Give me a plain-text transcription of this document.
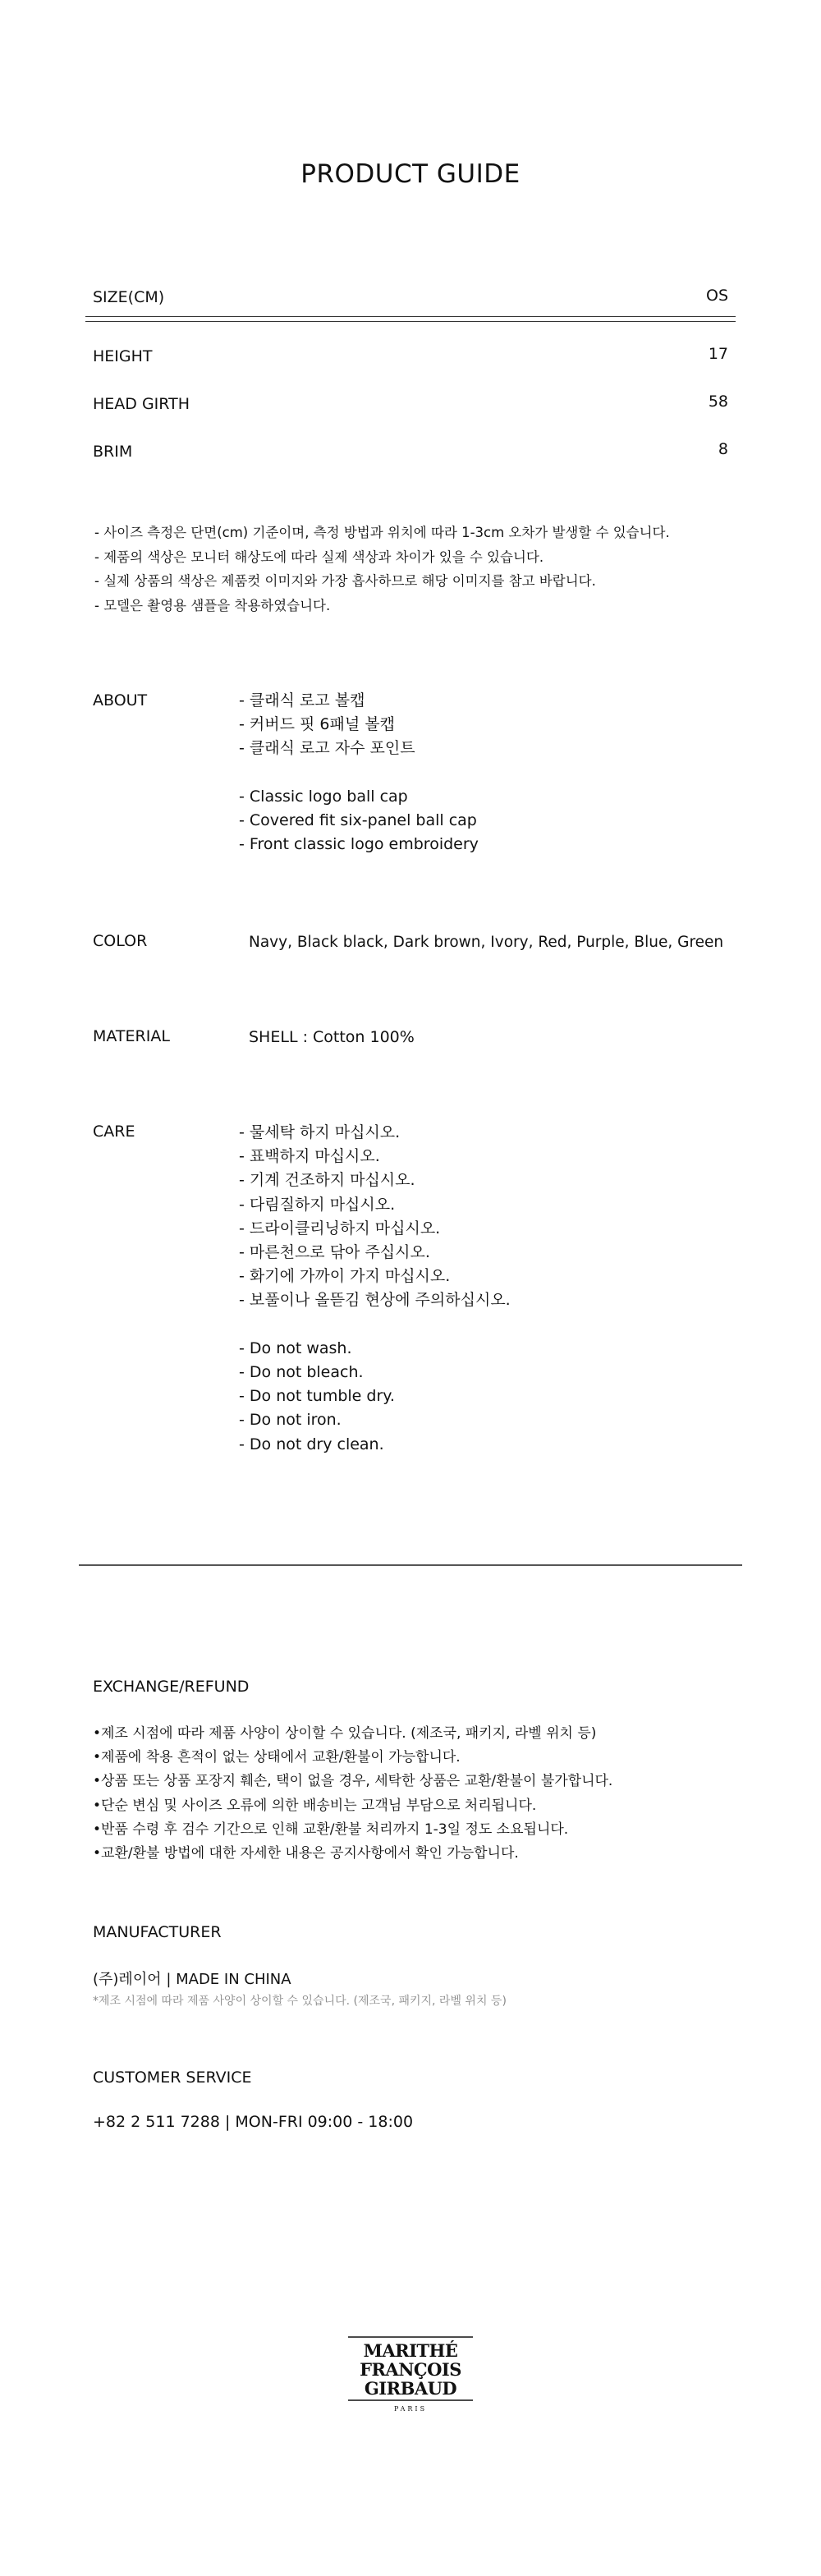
PRODUCT GUIDE
SIZE(CM)	OS
HEIGHT	17
HEAD GIRTH	58
BRIM	8
- 사이즈 측정은 단면(cm) 기준이며, 측정 방법과 위치에 따라 1-3cm 오차가 발생할 수 있습니다.
- 제품의 색상은 모니터 해상도에 따라 실제 색상과 차이가 있을 수 있습니다.
- 실제 상품의 색상은 제품컷 이미지와 가장 흡사하므로 해당 이미지를 참고 바랍니다.
- 모델은 촬영용 샘플을 착용하였습니다.
ABOUT	- 클래식 로고 볼캡
- 커버드 핏 6패널 볼캡
- 클래식 로고 자수 포인트
- Classic logo ball cap
- Covered fit six-panel ball cap
- Front classic logo embroidery
COLOR	Navy, Black black, Dark brown, Ivory, Red, Purple, Blue, Green
MATERIAL	SHELL : Cotton 100%
CARE	- 물세탁 하지 마십시오.
- 표백하지 마십시오.
- 기계 건조하지 마십시오.
- 다림질하지 마십시오.
- 드라이클리닝하지 마십시오.
- 마른천으로 닦아 주십시오.
- 화기에 가까이 가지 마십시오.
- 보풀이나 올뜯김 현상에 주의하십시오.
- Do not wash.
- Do not bleach.
- Do not tumble dry.
- Do not iron.
- Do not dry clean.
EXCHANGE/REFUND
•제조 시점에 따라 제품 사양이 상이할 수 있습니다. (제조국, 패키지, 라벨 위치 등)
•제품에 착용 흔적이 없는 상태에서 교환/환불이 가능합니다.
•상품 또는 상품 포장지 훼손, 택이 없을 경우, 세탁한 상품은 교환/환불이 불가합니다.
•단순 변심 및 사이즈 오류에 의한 배송비는 고객님 부담으로 처리됩니다.
•반품 수령 후 검수 기간으로 인해 교환/환불 처리까지 1-3일 정도 소요됩니다.
•교환/환불 방법에 대한 자세한 내용은 공지사항에서 확인 가능합니다.
MANUFACTURER
(주)레이어 | MADE IN CHINA
*제조 시점에 따라 제품 사양이 상이할 수 있습니다. (제조국, 패키지, 라벨 위치 등)
CUSTOMER SERVICE
+82 2 511 7288 | MON-FRI 09:00 - 18:00
MARITHÉ
FRANÇOIS
GIRBAUD
PARIS
